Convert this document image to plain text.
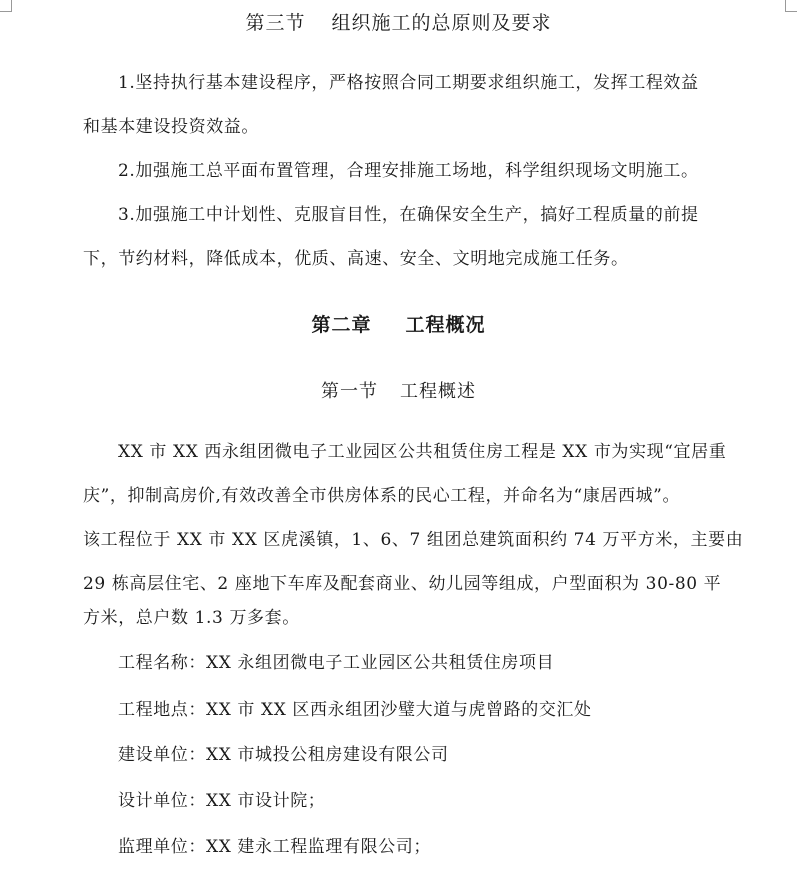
第三节 组织施工的总原则及要求
1.坚持执行基本建设程序，严格按照合同工期要求组织施工，发挥工程效益
和基本建设投资效益。
2.加强施工总平面布置管理，合理安排施工场地，科学组织现场文明施工。
3.加强施工中计划性、克服盲目性，在确保安全生产，搞好工程质量的前提
下，节约材料，降低成本，优质、高速、安全、文明地完成施工任务。
第二章 工程概况
第一节 工程概述
XX 市 XX 西永组团微电子工业园区公共租赁住房工程是 XX 市为实现“宜居重
庆”，抑制高房价,有效改善全市供房体系的民心工程，并命名为“康居西城”。
该工程位于 XX 市 XX 区虎溪镇，1、6、7 组团总建筑面积约 74 万平方米，主要由
29 栋高层住宅、2 座地下车库及配套商业、幼儿园等组成，户型面积为 30-80 平
方米，总户数 1.3 万多套。
工程名称：XX 永组团微电子工业园区公共租赁住房项目
工程地点：XX 市 XX 区西永组团沙璧大道与虎曾路的交汇处
建设单位：XX 市城投公租房建设有限公司
设计单位：XX 市设计院；
监理单位：XX 建永工程监理有限公司；
